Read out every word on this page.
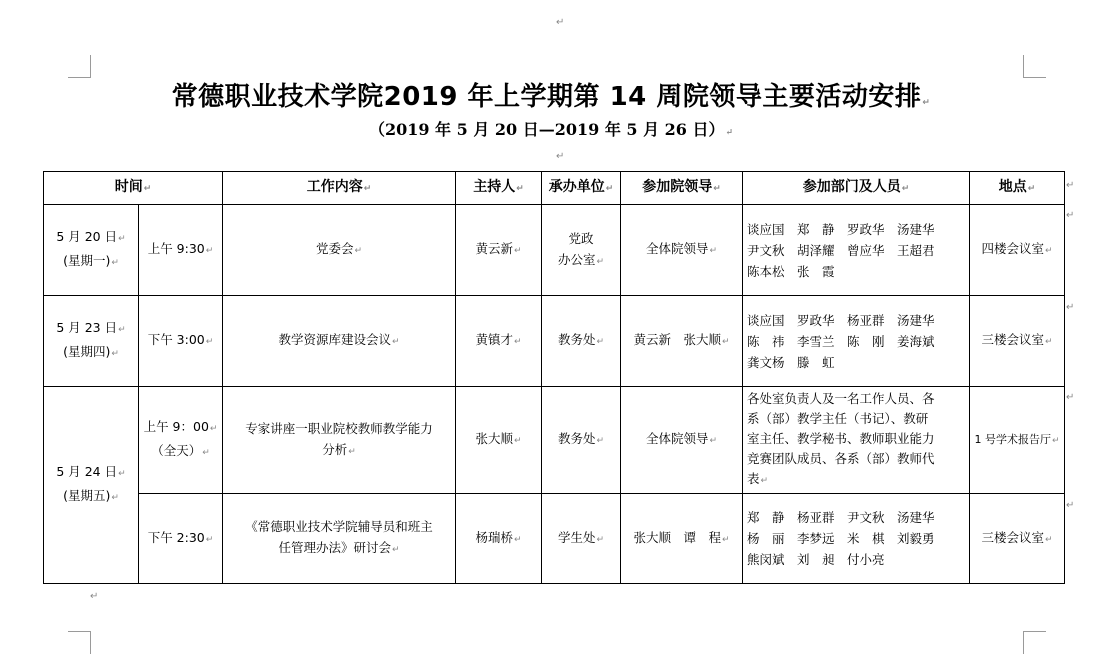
↵
常德职业技术学院2019 年上学期第 14 周院领导主要活动安排↵
（2019 年 5 月 20 日—2019 年 5 月 26 日）↵
↵
时间↵		工作内容↵	主持人↵	承办单位↵	参加院领导↵	参加部门及人员↵	地点↵
5 月 20 日↵
(星期一)↵	上午 9:30↵	党委会↵	黄云新↵	党政
办公室↵	全体院领导↵	谈应国　郑　静　罗政华　汤建华
尹文秋　胡泽耀　曾应华　王超君
陈本松　张　霞	四楼会议室↵
5 月 23 日↵
(星期四)↵	下午 3:00↵	教学资源库建设会议↵	黄镇才↵	教务处↵	黄云新　张大顺↵	谈应国　罗政华　杨亚群　汤建华
陈　祎　李雪兰　陈　刚　姜海斌
龚文杨　滕　虹	三楼会议室↵
5 月 24 日↵
(星期五)↵	上午 9：00↵
（全天）↵	专家讲座一职业院校教师教学能力
分析↵	张大顺↵	教务处↵	全体院领导↵	各处室负责人及一名工作人员、各
系（部）教学主任（书记）、教研
室主任、教学秘书、教师职业能力
竞赛团队成员、各系（部）教师代
表↵	1 号学术报告厅↵
	下午 2:30↵	《常德职业技术学院辅导员和班主
任管理办法》研讨会↵	杨瑞桥↵	学生处↵	张大顺　谭　程↵	郑　静　杨亚群　尹文秋　汤建华
杨　丽　李梦远　米　棋　刘毅勇
熊闵斌　刘　昶　付小亮	三楼会议室↵
↵
↵
↵
↵
↵
↵
